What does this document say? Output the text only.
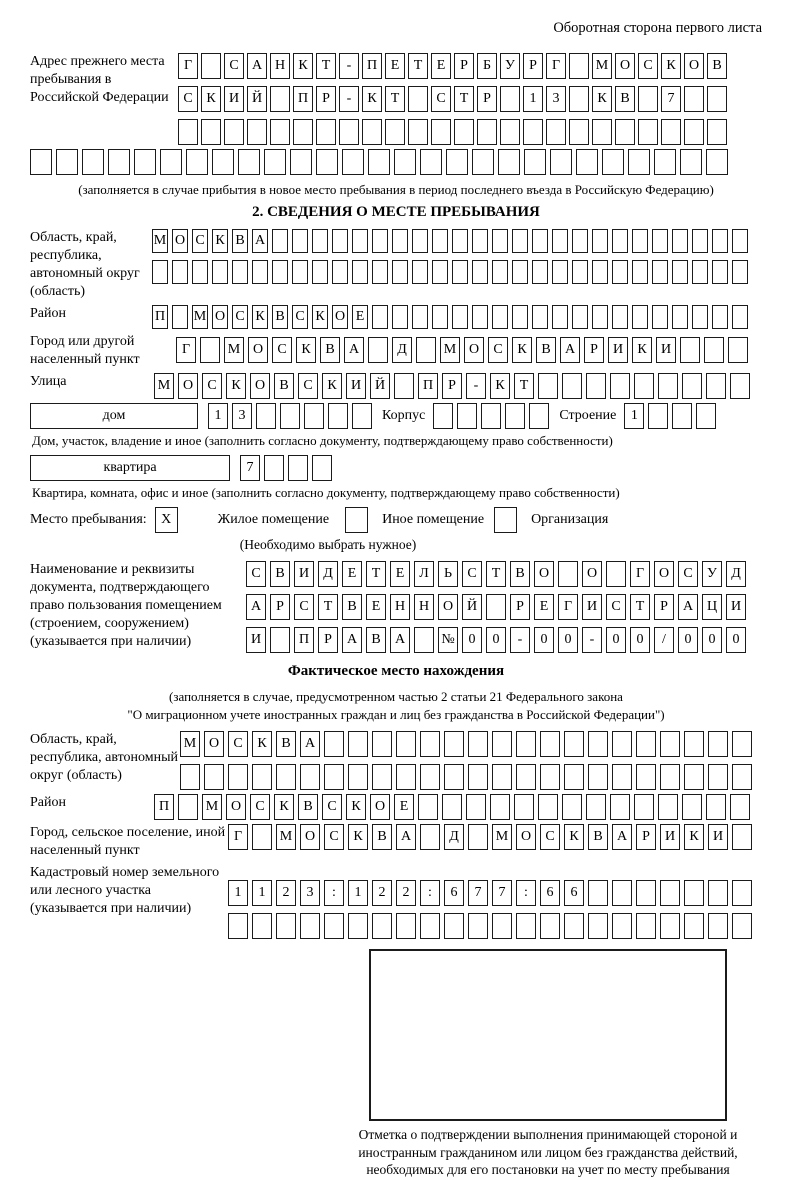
Оборотная сторона первого листа
Адрес прежнего места пребывания в Российской Федерации
Г	С А Н К	Т	-	П Е	Т	Е	Р	Б	У	Р	Г	М О С К О В
С К И Й	П	Р	-	К	Т	С	Т	Р	1	3	К В	7
(заполняется в случае прибытия в новое место пребывания в период последнего въезда в Российскую Федерацию)
2. СВЕДЕНИЯ О МЕСТЕ ПРЕБЫВАНИЯ
Область, край, республика, автономный округ (область)
М О С К В А
Район	П М О С К В С К О Е
Город или другой населенный пункт
Г	М О	С	К	В	А	Д	М О	С	К	В	А	Р	И	К	И
Улица	М О	С	К	О	В	С	К	И Й	П	Р	-	К	Т
дом	1	3	Корпус	Строение	1
Дом, участок, владение и иное (заполнить согласно документу, подтверждающему право собственности)
квартира	7
Квартира, комната, офис и иное (заполнить согласно документу, подтверждающему право собственности)
Место пребывания:	X	Жилое помещение	Иное помещение	Организация
(Необходимо выбрать нужное)
Наименование и реквизиты документа, подтверждающего право пользования помещением (строением, сооружением) (указывается при наличии)
С	В	И	Д	Е	Т	Е	Л	Ь	С	Т	В	О	О	Г	О	С	У	Д
А	Р	С	Т	В	Е	Н Н О Й	Р	Е	Г	И	С	Т	Р	А Ц И
И	П	Р	А	В	А	№ 0	0	-	0	0	-	0	0	/	0	0	0
Фактическое место нахождения
(заполняется в случае, предусмотренном частью 2 статьи 21 Федерального закона
"О миграционном учете иностранных граждан и лиц без гражданства в Российской Федерации")
Область, край, республика, автономный округ (область)
М О	С	К	В	А
Район	П	М О	С	К	В	С	К	О	Е
Город, сельское поселение, иной населенный пункт
Г	М О	С	К	В	А	Д	М О	С	К	В	А	Р	И	К	И
Кадастровый номер земельного или лесного участка (указывается при наличии)
1	1	2	3	:	1	2	2	:	6	7	7	:	6	6
Отметка о подтверждении выполнения принимающей стороной и иностранным гражданином или лицом без гражданства действий, необходимых для его постановки на учет по месту пребывания
